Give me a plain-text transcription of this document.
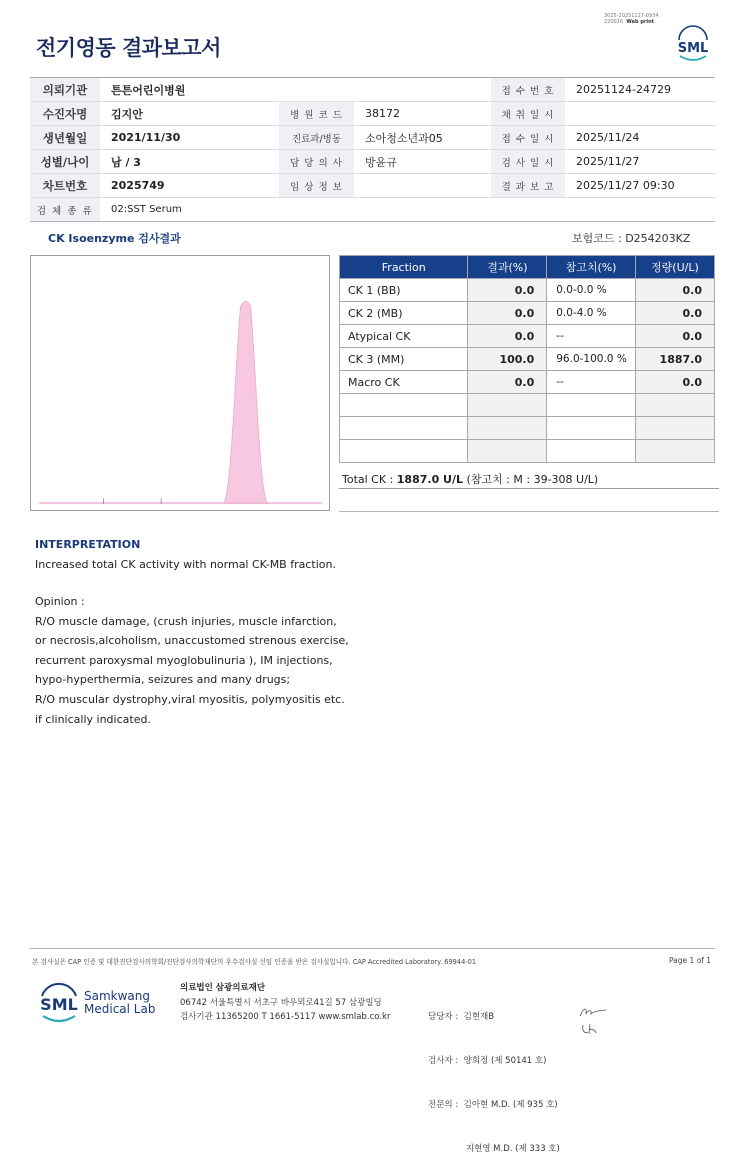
전기영동 결과보고서
3025-20251127-0934
220016 Web print
SML
의뢰기관	튼튼어린이병원			접 수 번 호	20251124-24729
수진자명	김지안	병 원 코 드	38172	채 취 일 시	
생년월일	2021/11/30	진료과/병동	소아청소년과05	접 수 일 시	2025/11/24
성별/나이	남 / 3	담 당 의 사	방윤규	검 사 일 시	2025/11/27
차트번호	2025749	임 상 정 보		결 과 보 고	2025/11/27 09:30
검 체 종 류	02:SST Serum				
CK Isoenzyme 검사결과	보험코드 : D254203KZ
Fraction	결과(%)	참고치(%)	정량(U/L)
CK 1 (BB)	0.0	0.0-0.0 %	0.0
CK 2 (MB)	0.0	0.0-4.0 %	0.0
Atypical CK	0.0	--	0.0
CK 3 (MM)	100.0	96.0-100.0 %	1887.0
Macro CK	0.0	--	0.0

Total CK : 1887.0 U/L (참고치 : M : 39-308 U/L)
INTERPRETATION
Increased total CK activity with normal CK-MB fraction.
Opinion :
R/O muscle damage, (crush injuries, muscle infarction,
or necrosis,alcoholism, unaccustomed strenous exercise,
recurrent paroxysmal myoglobulinuria ), IM injections,
hypo-hyperthermia, seizures and many drugs;
R/O muscular dystrophy,viral myositis, polymyositis etc.
if clinically indicated.
본 검사실은 CAP 인증 및 대한진단검사의학회/진단검사의학재단의 우수검사실 신임 인증을 받은 검사실입니다. CAP Accredited Laboratory. 69944-01	Page 1 of 1
SML Samkwang
Medical Lab
의료법인 삼광의료재단
06742 서울특별시 서초구 바우뫼로41길 57 삼광빌딩
검사기관 11365200 T 1661-5117 www.smlab.co.kr

	담당자 :  김현재B

검사자 :  양희정 (제 50141 호)

전문의 :  김아현 M.D. (제 935 호)

지현영 M.D. (제 333 호)
